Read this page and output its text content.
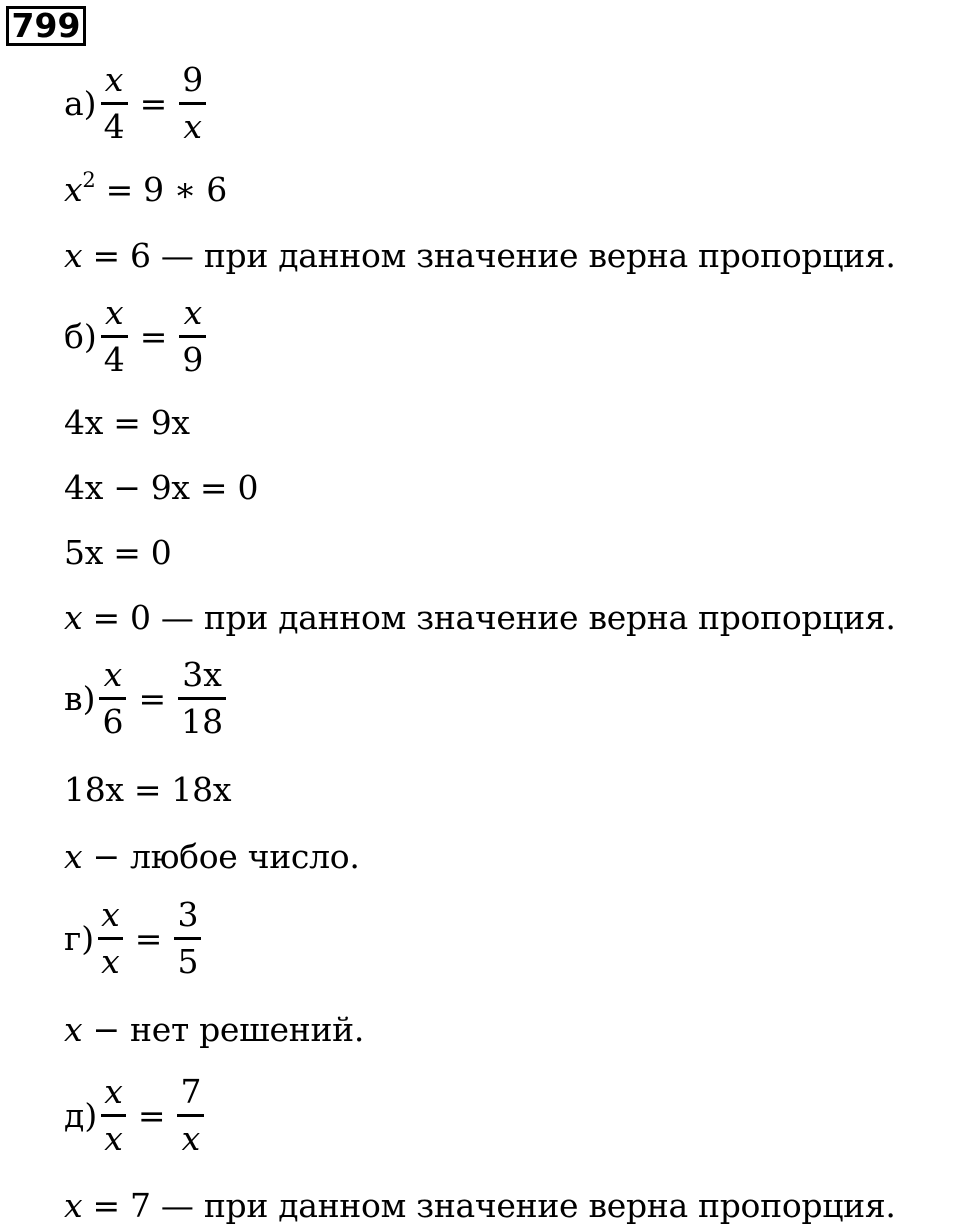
799
$а) \frac{x}{4} = \frac{9}{x}$
$x^2 = 9$ ∗ 6
x = 6 — при данном значение верна пропорция.
$б) \frac{x}{4} = \frac{x}{9}$
4x = 9x
4x − 9x = 0
5x = 0
x = 0 — при данном значение верна пропорция.
$в) \frac{x}{6} = \frac{3x}{18}$
18x = 18x
x − любое число.
$г) \frac{x}{x} = \frac{3}{5}$
x − нет решений.
$д) \frac{x}{x} = \frac{7}{x}$
x = 7 — при данном значение верна пропорция.
